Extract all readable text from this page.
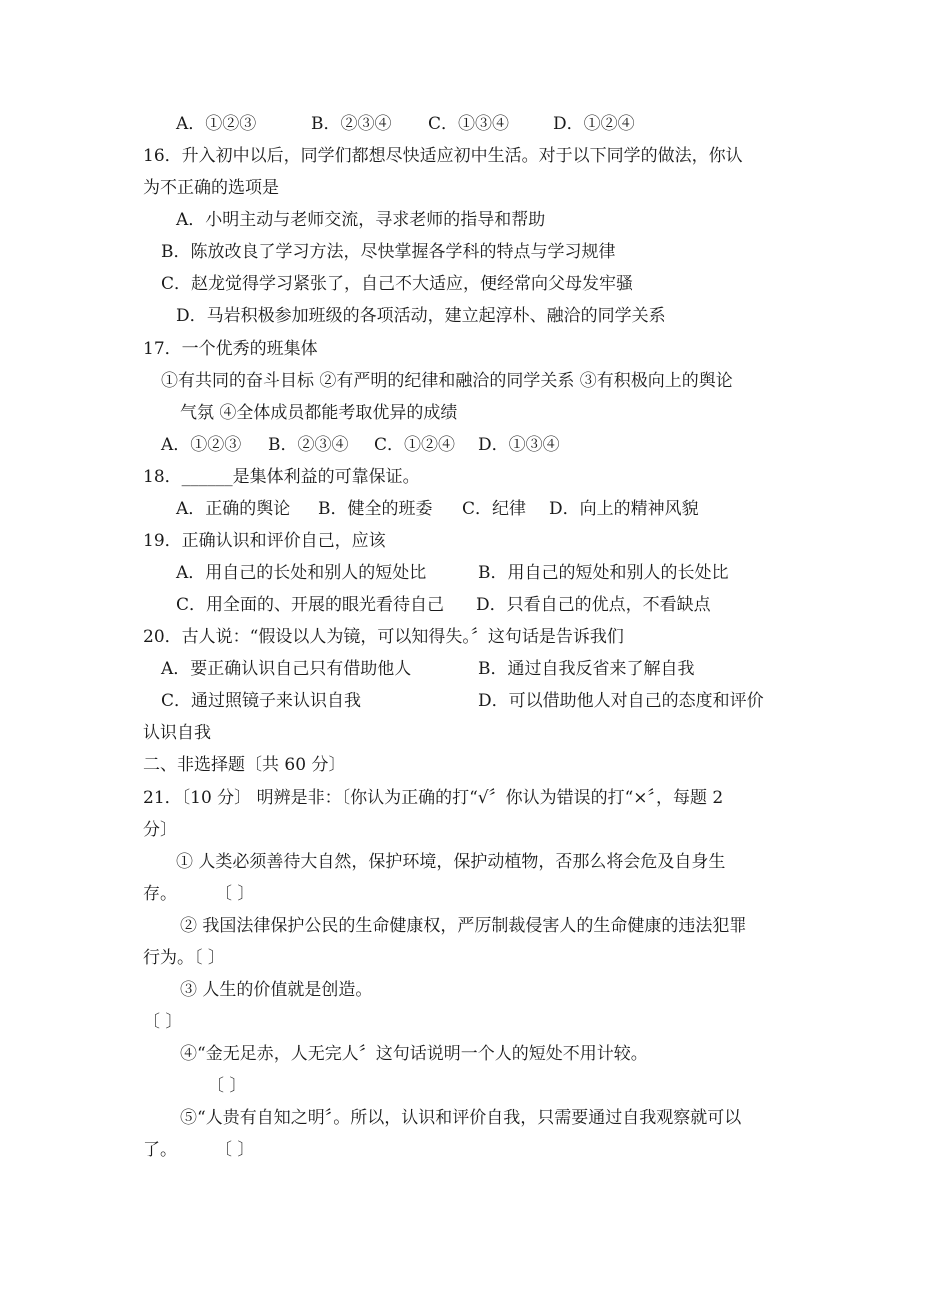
A．①②③	B．②③④ C．①③④	D．①②④
16．升入初中以后，同学们都想尽快适应初中生活。对于以下同学的做法，你认
为不正确的选项是
A．小明主动与老师交流，寻求老师的指导和帮助
B．陈放改良了学习方法，尽快掌握各学科的特点与学习规律
C．赵龙觉得学习紧张了，自己不大适应，便经常向父母发牢骚
D．马岩积极参加班级的各项活动，建立起淳朴、融洽的同学关系
17．一个优秀的班集体
①有共同的奋斗目标 ②有严明的纪律和融洽的同学关系 ③有积极向上的舆论
气氛 ④全体成员都能考取优异的成绩
A．①②③ B．②③④ C．①②④ D．①③④
18．______是集体利益的可靠保证。
A．正确的舆论 B．健全的班委 C．纪律 D．向上的精神风貌
19．正确认识和评价自己，应该
A．用自己的长处和别人的短处比	B．用自己的短处和别人的长处比
C．用全面的、开展的眼光看待自己 D．只看自己的优点，不看缺点
20．古人说：“假设以人为镜，可以知得失。〞这句话是告诉我们
A．要正确认识自己只有借助他人	B．通过自我反省来了解自我
C．通过照镜子来认识自我	D．可以借助他人对自己的态度和评价
认识自我
二、非选择题〔共 60 分〕
21．〔10 分〕 明辨是非：〔你认为正确的打“√〞你认为错误的打“×〞，每题 2
分〕
① 人类必须善待大自然，保护环境，保护动植物，否那么将会危及自身生
存。 〔 〕
② 我国法律保护公民的生命健康权，严厉制裁侵害人的生命健康的违法犯罪
行为。〔 〕
③ 人生的价值就是创造。
〔 〕
④“金无足赤，人无完人〞这句话说明一个人的短处不用计较。
〔 〕
⑤“人贵有自知之明〞。所以，认识和评价自我，只需要通过自我观察就可以
了。 〔 〕
